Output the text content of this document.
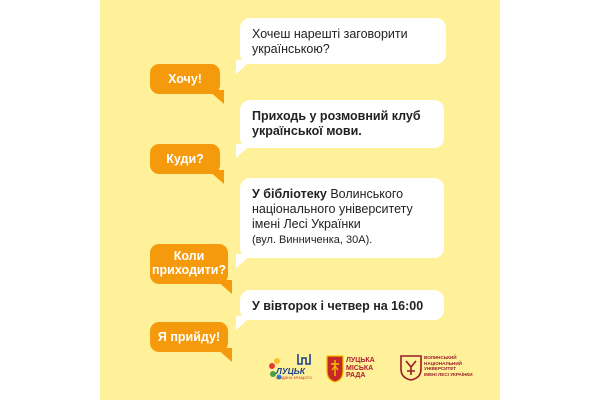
Хочеш нарешті заговорити українською?
Хочу!
Приходь у розмовний клуб української мови.
Куди?
У бібліотеку Волинського національного університету імені Лесі Українки
(вул. Винниченка, 30А).
Коли
приходити?
У вівторок і четвер на 16:00
Я прийду!
ЛУЦЬК
ЛЮДИНА КРАЩОГО
ЛУЦЬКА
МІСЬКА
РАДА
ВОЛИНСЬКИЙ
НАЦІОНАЛЬНИЙ
УНІВЕРСИТЕТ
ІМЕНІ ЛЕСІ УКРАЇНКИ
